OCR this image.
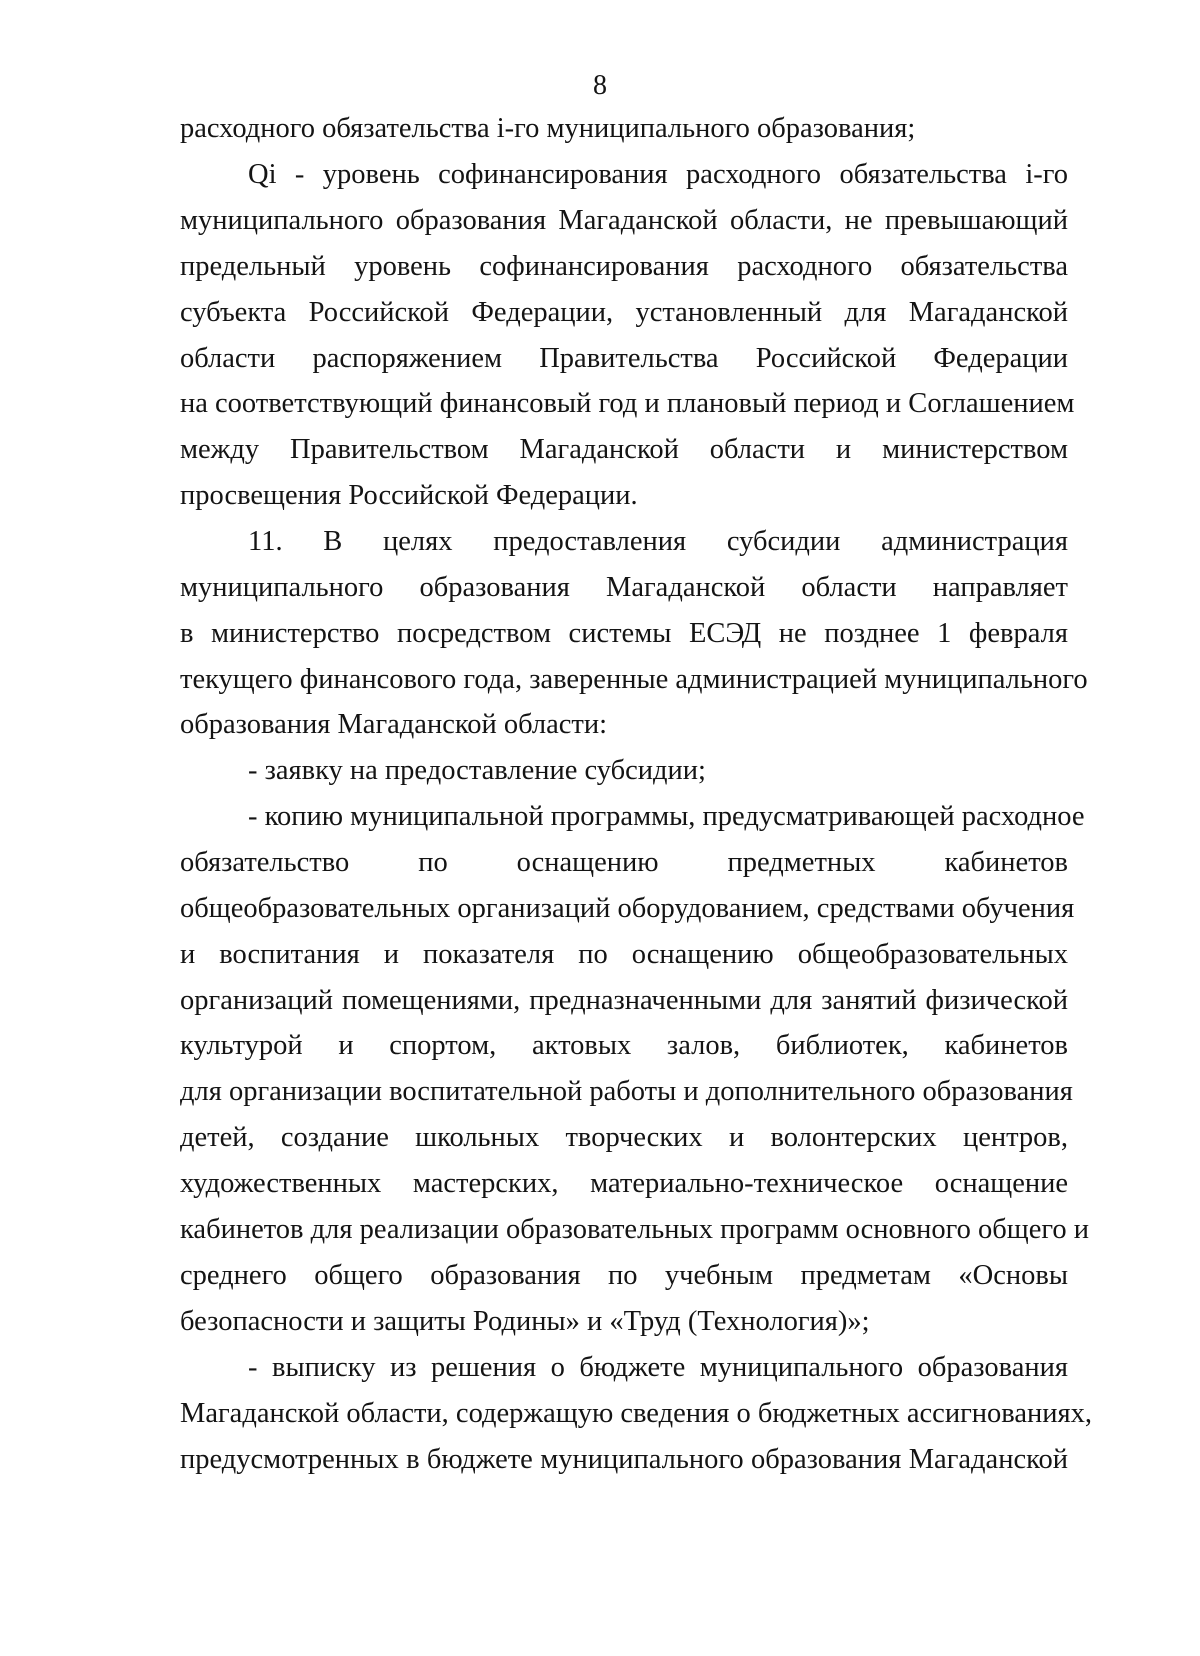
8
расходного обязательства i-го муниципального образования;
Qi - уровень софинансирования расходного обязательства i-го
муниципального образования Магаданской области, не превышающий
предельный уровень софинансирования расходного обязательства
субъекта Российской Федерации, установленный для Магаданской
области распоряжением Правительства Российской Федерации
на соответствующий финансовый год и плановый период и Соглашением
между Правительством Магаданской области и министерством
просвещения Российской Федерации.
11. В целях предоставления субсидии администрация
муниципального образования Магаданской области направляет
в министерство посредством системы ЕСЭД не позднее 1 февраля
текущего финансового года, заверенные администрацией муниципального
образования Магаданской области:
- заявку на предоставление субсидии;
- копию муниципальной программы, предусматривающей расходное
обязательство по оснащению предметных кабинетов
общеобразовательных организаций оборудованием, средствами обучения
и воспитания и показателя по оснащению общеобразовательных
организаций помещениями, предназначенными для занятий физической
культурой и спортом, актовых залов, библиотек, кабинетов
для организации воспитательной работы и дополнительного образования
детей, создание школьных творческих и волонтерских центров,
художественных мастерских, материально-техническое оснащение
кабинетов для реализации образовательных программ основного общего и
среднего общего образования по учебным предметам «Основы
безопасности и защиты Родины» и «Труд (Технология)»;
- выписку из решения о бюджете муниципального образования
Магаданской области, содержащую сведения о бюджетных ассигнованиях,
предусмотренных в бюджете муниципального образования Магаданской
